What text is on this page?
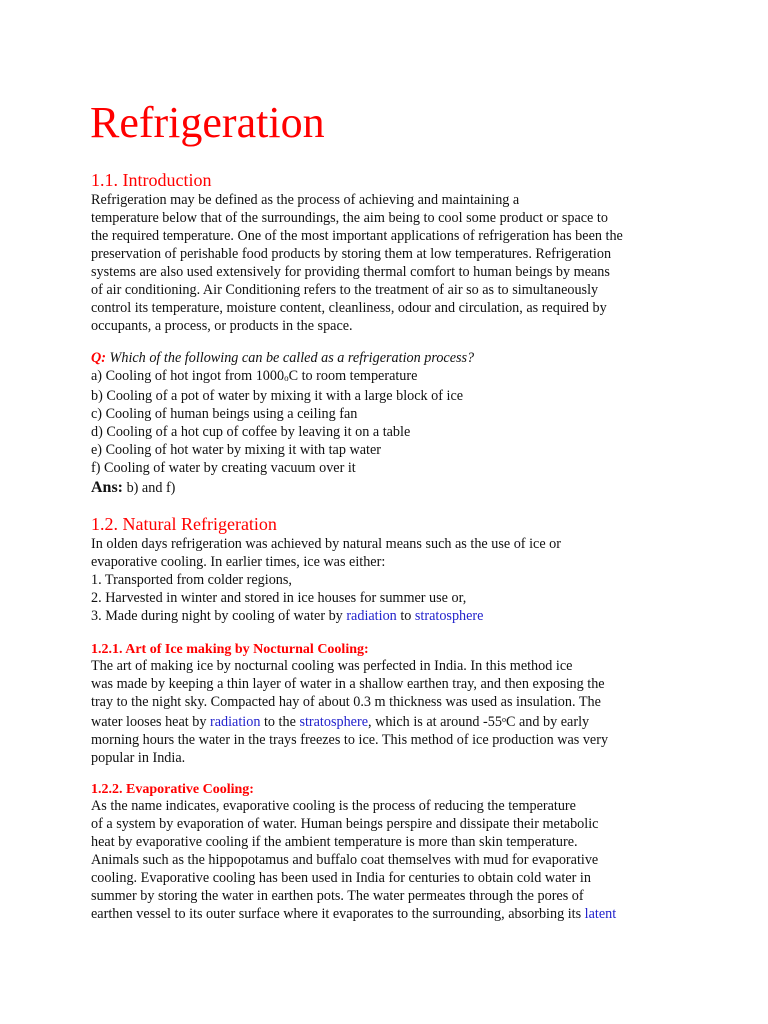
Refrigeration
1.1. Introduction
Refrigeration may be defined as the process of achieving and maintaining a
temperature below that of the surroundings, the aim being to cool some product or space to
the required temperature. One of the most important applications of refrigeration has been the
preservation of perishable food products by storing them at low temperatures. Refrigeration
systems are also used extensively for providing thermal comfort to human beings by means
of air conditioning. Air Conditioning refers to the treatment of air so as to simultaneously
control its temperature, moisture content, cleanliness, odour and circulation, as required by
occupants, a process, or products in the space.
Q: Which of the following can be called as a refrigeration process?
a) Cooling of hot ingot from 1000oC to room temperature
b) Cooling of a pot of water by mixing it with a large block of ice
c) Cooling of human beings using a ceiling fan
d) Cooling of a hot cup of coffee by leaving it on a table
e) Cooling of hot water by mixing it with tap water
f) Cooling of water by creating vacuum over it
Ans: b) and f)
1.2. Natural Refrigeration
In olden days refrigeration was achieved by natural means such as the use of ice or
evaporative cooling. In earlier times, ice was either:
1. Transported from colder regions,
2. Harvested in winter and stored in ice houses for summer use or,
3. Made during night by cooling of water by radiation to stratosphere
1.2.1. Art of Ice making by Nocturnal Cooling:
The art of making ice by nocturnal cooling was perfected in India. In this method ice
was made by keeping a thin layer of water in a shallow earthen tray, and then exposing the
tray to the night sky. Compacted hay of about 0.3 m thickness was used as insulation. The
water looses heat by radiation to the stratosphere, which is at around -55$^o$C and by early
morning hours the water in the trays freezes to ice. This method of ice production was very
popular in India.
1.2.2. Evaporative Cooling:
As the name indicates, evaporative cooling is the process of reducing the temperature
of a system by evaporation of water. Human beings perspire and dissipate their metabolic
heat by evaporative cooling if the ambient temperature is more than skin temperature.
Animals such as the hippopotamus and buffalo coat themselves with mud for evaporative
cooling. Evaporative cooling has been used in India for centuries to obtain cold water in
summer by storing the water in earthen pots. The water permeates through the pores of
earthen vessel to its outer surface where it evaporates to the surrounding, absorbing its latent
